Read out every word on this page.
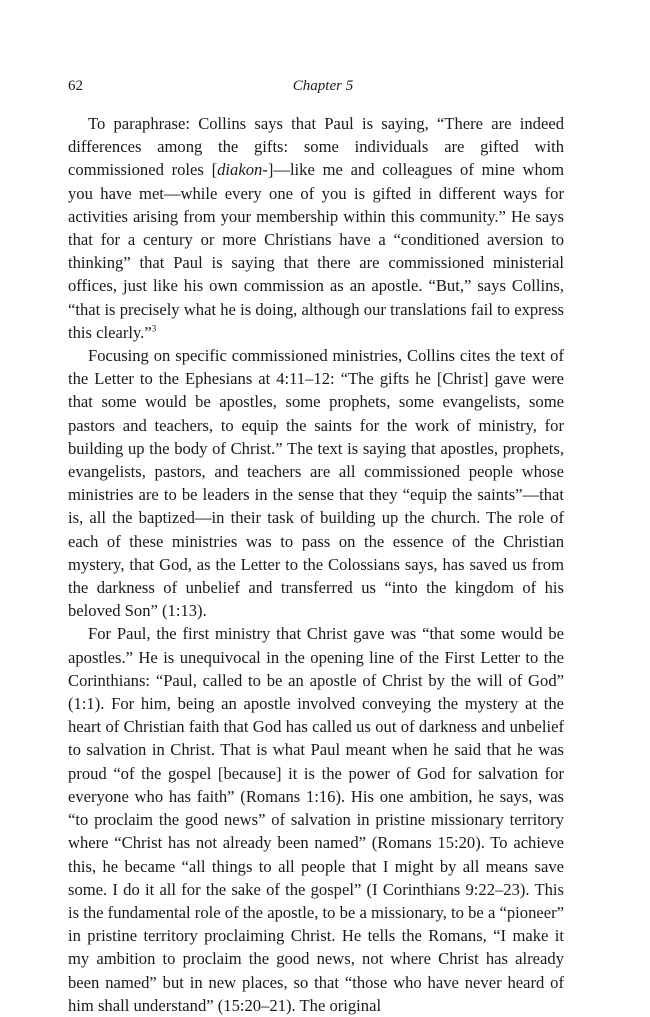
62	Chapter 5

To paraphrase: Collins says that Paul is saying, “There are indeed differences among the gifts: some individuals are gifted with commissioned roles [diakon-]—like me and colleagues of mine whom you have met—while every one of you is gifted in different ways for activities arising from your membership within this community.” He says that for a century or more Christians have a “conditioned aversion to thinking” that Paul is saying that there are commissioned ministerial offices, just like his own commission as an apostle. “But,” says Collins, “that is precisely what he is doing, although our translations fail to express this clearly.”$^3$

Focusing on specific commissioned ministries, Collins cites the text of the Letter to the Ephesians at 4:11–12: “The gifts he [Christ] gave were that some would be apostles, some prophets, some evangelists, some pastors and teachers, to equip the saints for the work of ministry, for building up the body of Christ.” The text is saying that apostles, prophets, evangelists, pastors, and teachers are all commissioned people whose ministries are to be leaders in the sense that they “equip the saints”—that is, all the baptized—in their task of building up the church. The role of each of these ministries was to pass on the essence of the Christian mystery, that God, as the Letter to the Colossians says, has saved us from the darkness of unbelief and transferred us “into the kingdom of his beloved Son” (1:13).

For Paul, the first ministry that Christ gave was “that some would be apostles.” He is unequivocal in the opening line of the First Letter to the Corinthians: “Paul, called to be an apostle of Christ by the will of God” (1:1). For him, being an apostle involved conveying the mystery at the heart of Christian faith that God has called us out of darkness and unbelief to salvation in Christ. That is what Paul meant when he said that he was proud “of the gospel [because] it is the power of God for salvation for everyone who has faith” (Romans 1:16). His one ambition, he says, was “to proclaim the good news” of salvation in pristine missionary territory where “Christ has not already been named” (Romans 15:20). To achieve this, he became “all things to all people that I might by all means save some. I do it all for the sake of the gospel” (I Corinthians 9:22–23). This is the fundamental role of the apostle, to be a missionary, to be a “pioneer” in pristine territory proclaiming Christ. He tells the Romans, “I make it my ambition to proclaim the good news, not where Christ has already been named” but in new places, so that “those who have never heard of him shall understand” (15:20–21). The original
